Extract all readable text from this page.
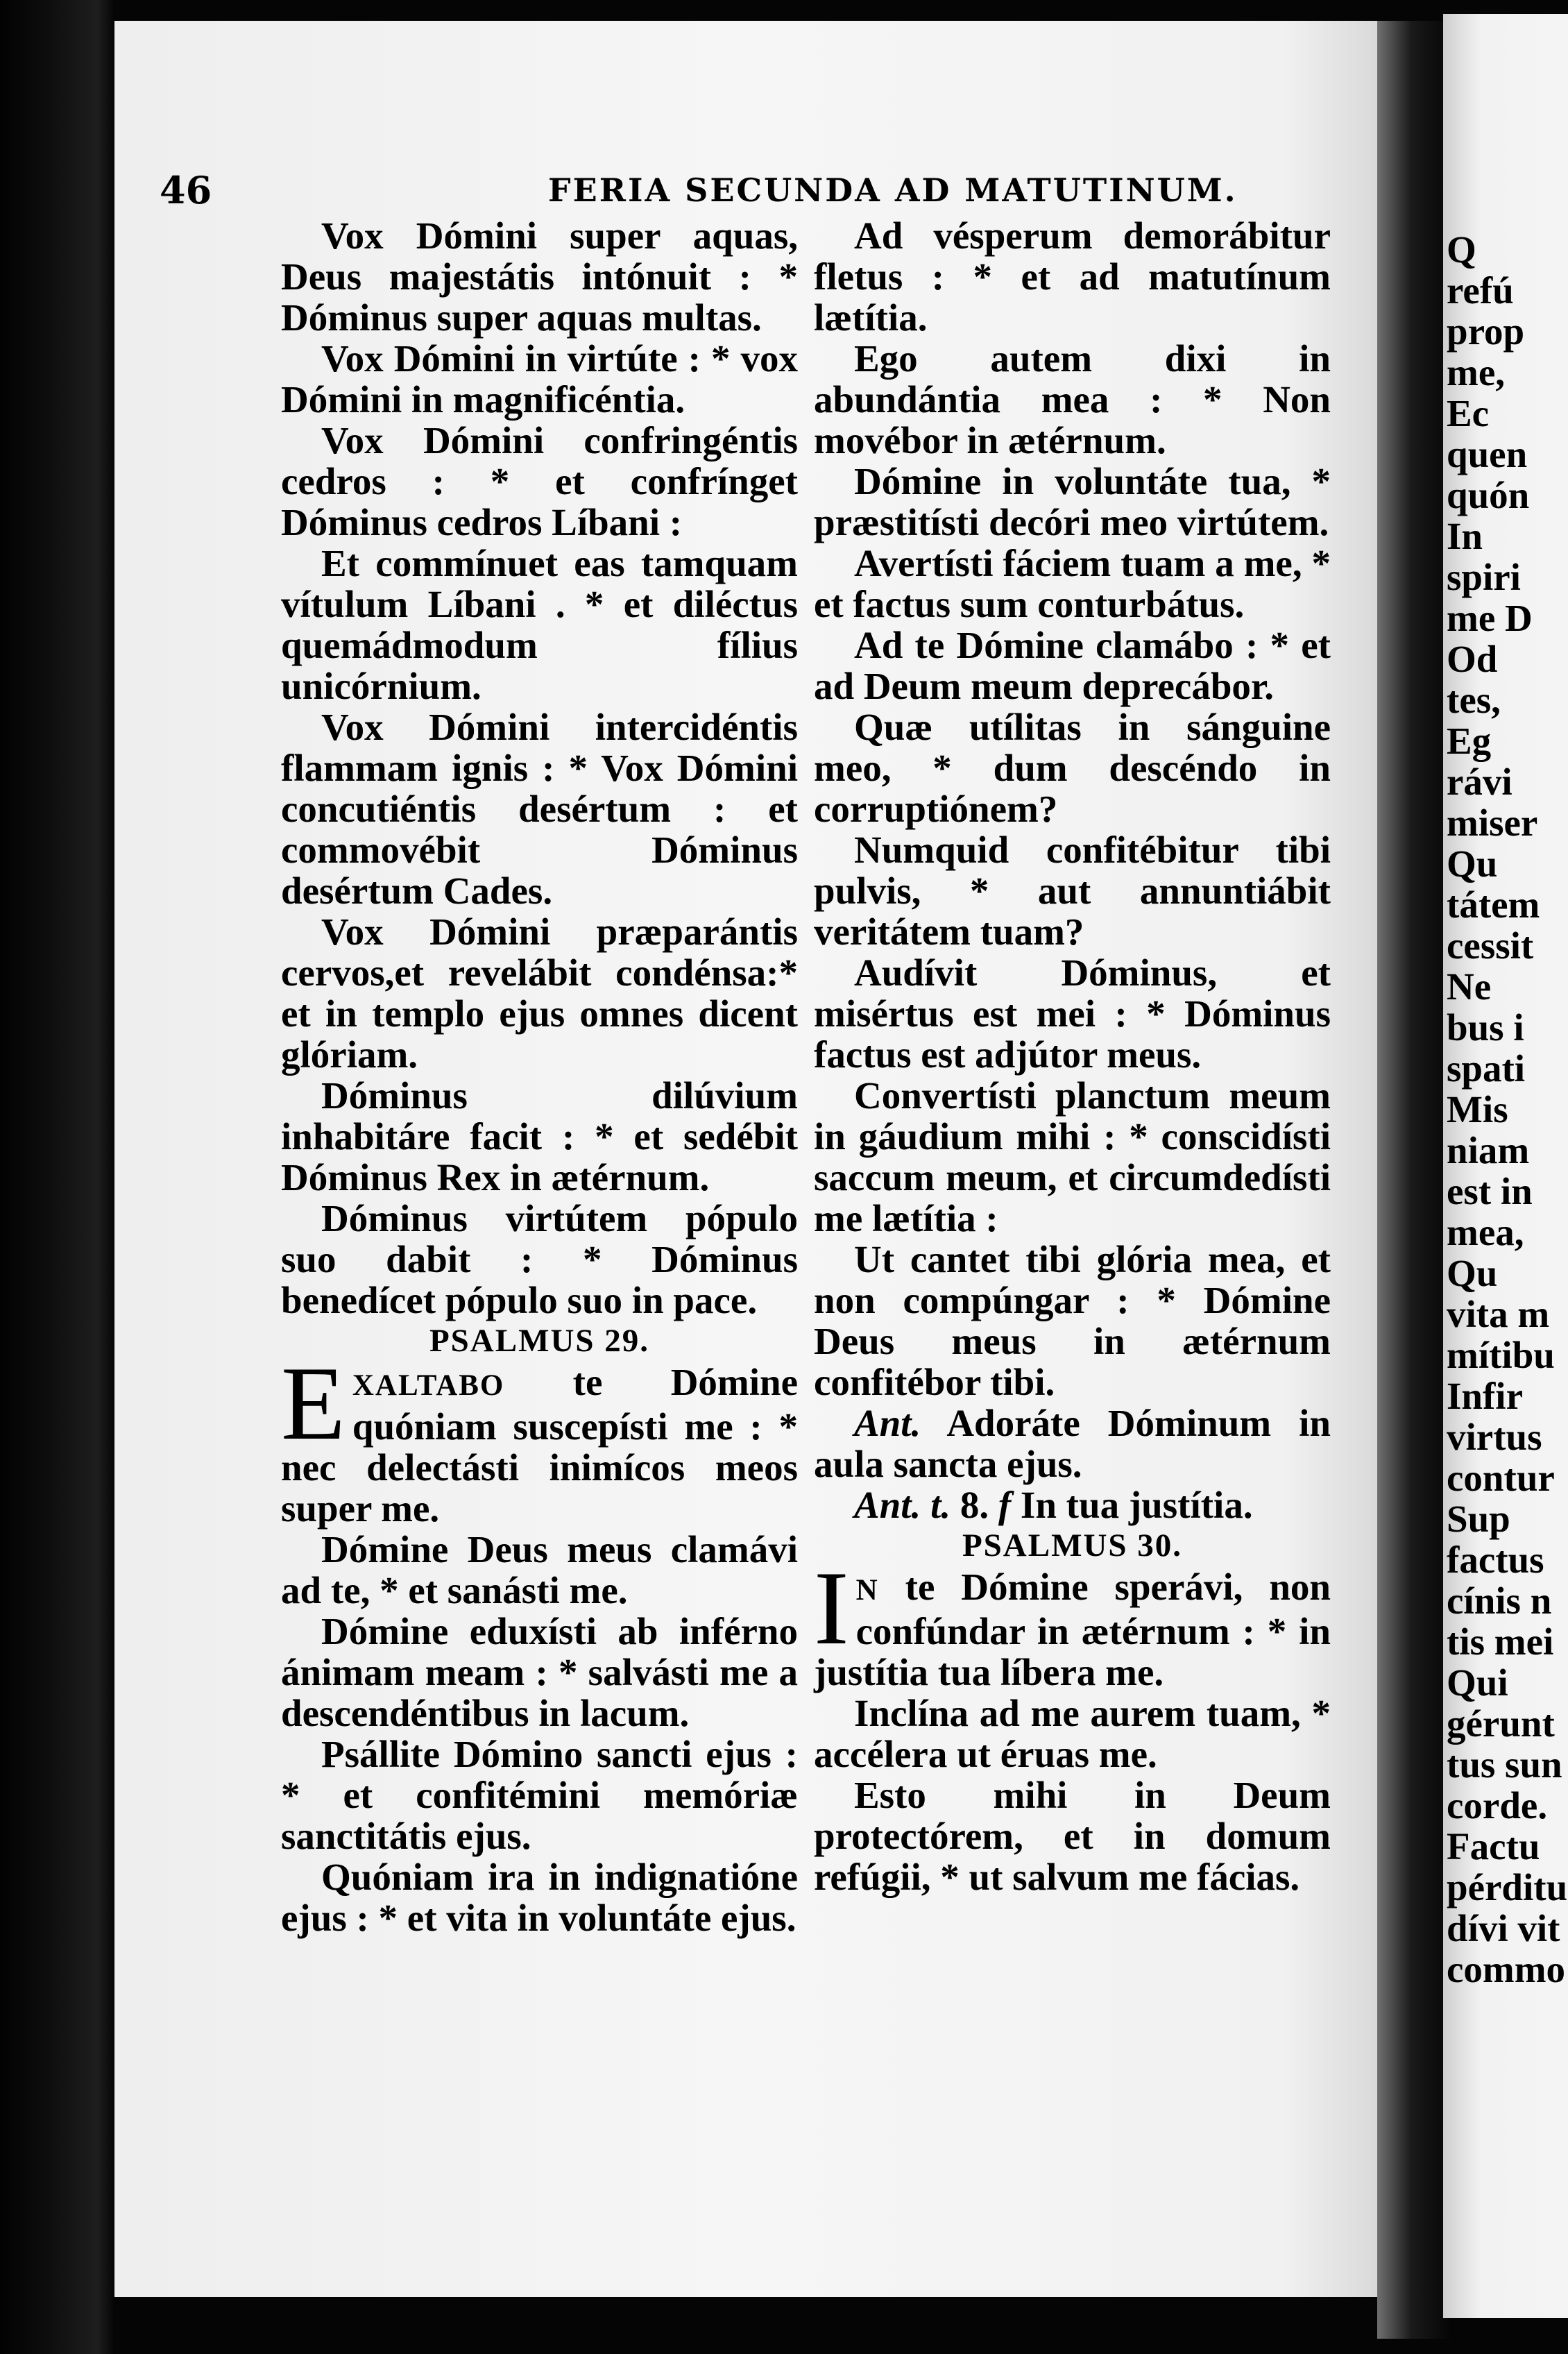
46	FERIA SECUNDA AD MATUTINUM.

Vox Dómini super aquas, Deus majestátis intónuit : * Dóminus super aquas multas.

Vox Dómini in virtúte : * vox Dómini in magnificéntia.

Vox Dómini confringéntis cedros : * et confrínget Dóminus cedros Líbani :

Et commínuet eas tamquam vítulum Líbani . * et diléctus quemádmodum fílius unicórnium.

Vox Dómini intercidéntis flammam ignis : * Vox Dómini concutiéntis desértum : et commovébit Dóminus desértum Cades.

Vox Dómini præparántis cervos,et revelábit condénsa:* et in templo ejus omnes dicent glóriam.

Dóminus dilúvium inhabitáre facit : * et sedébit Dóminus Rex in ætérnum.

Dóminus virtútem pópulo suo dabit : * Dóminus benedícet pópulo suo in pace.

PSALMUS 29.

EXALTABO te Dómine quóniam suscepísti me : * nec delectásti inimícos meos super me.

Dómine Deus meus clamávi ad te, * et sanásti me.

Dómine eduxísti ab inférno ánimam meam : * salvásti me a descendéntibus in lacum.

Psállite Dómino sancti ejus : * et confitémini memóriæ sanctitátis ejus.

Quóniam ira in indignatióne ejus : * et vita in voluntáte ejus.

Ad vésperum demorábitur fletus : * et ad matutínum lætítia.

Ego autem dixi in abundántia mea : * Non movébor in ætérnum.

Dómine in voluntáte tua, * præstitísti decóri meo virtútem.

Avertísti fáciem tuam a me, * et factus sum conturbátus.

Ad te Dómine clamábo : * et ad Deum meum deprecábor.

Quæ utílitas in sánguine meo, * dum descéndo in corruptiónem?

Numquid confitébitur tibi pulvis, * aut annuntiábit veritátem tuam?

Audívit Dóminus, et misértus est mei : * Dóminus factus est adjútor meus.

Convertísti planctum meum in gáudium mihi : * conscidísti saccum meum, et circumdedísti me lætítia :

Ut cantet tibi glória mea, et non compúngar : * Dómine Deus meus in ætérnum confitébor tibi.

Ant. Adoráte Dóminum in aula sancta ejus.

Ant. t. 8. f In tua justítia.

PSALMUS 30.

I N te Dómine sperávi, non confúndar in ætérnum : * in justítia tua líbera me.

Inclína ad me aurem tuam, * accélera ut éruas me.

Esto mihi in Deum protectórem, et in domum refúgii, * ut salvum me fácias.

Q
refú
prop
me,
Ec
quen
quón
In
spiri
me D
Od
tes,
Eg
rávi
miser
Qu
tátem
cessit
Ne
bus i
spati
Mis
niam
est in
mea,
Qu
vita m
mítibu
Infir
virtus
contur
Sup
factus
cínis n
tis mei
Qui
gérunt
tus sun
corde.
Factu
pérditu
dívi vit
commo
